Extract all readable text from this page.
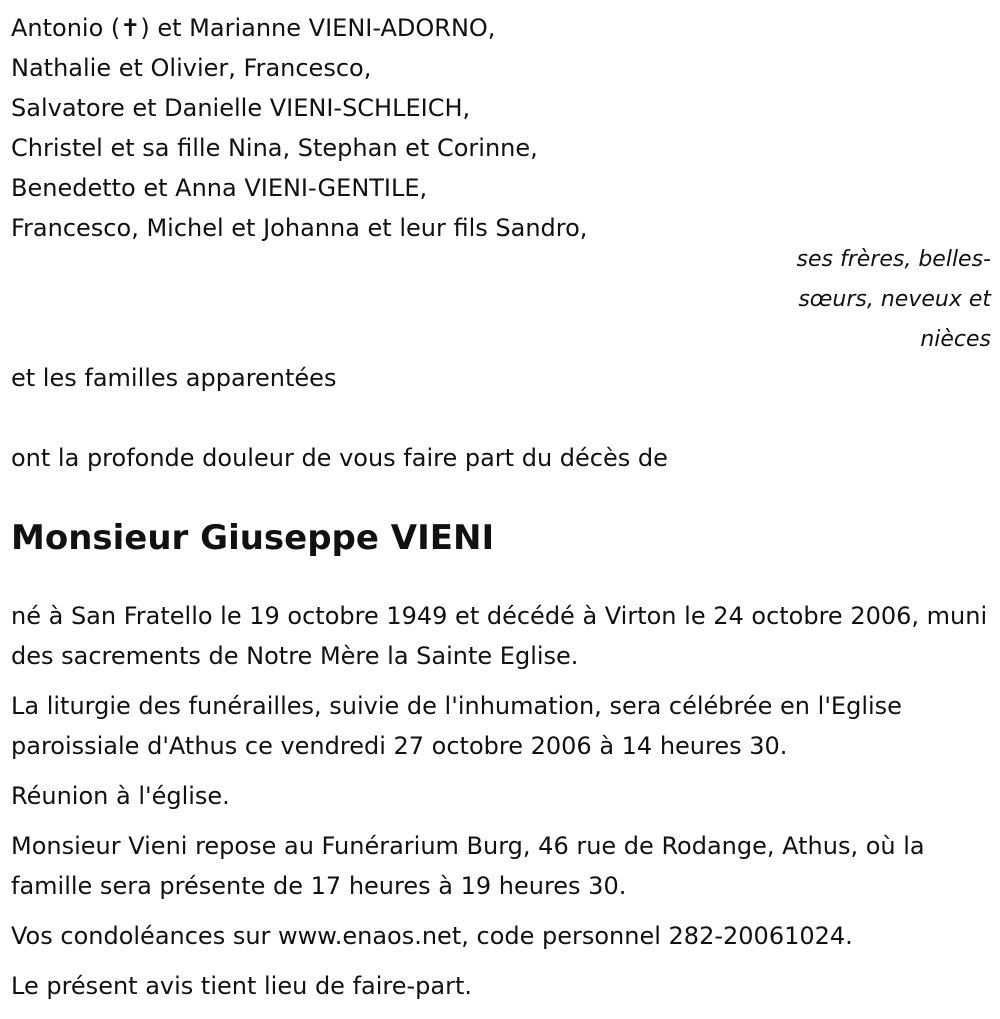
Antonio (✝) et Marianne VIENI-ADORNO,
Nathalie et Olivier, Francesco,
Salvatore et Danielle VIENI-SCHLEICH,
Christel et sa fille Nina, Stephan et Corinne,
Benedetto et Anna VIENI-GENTILE,
Francesco, Michel et Johanna et leur fils Sandro,
ses frères, belles-sœurs, neveux et nièces
et les familles apparentées
ont la profonde douleur de vous faire part du décès de
Monsieur Giuseppe VIENI

né à San Fratello le 19 octobre 1949 et décédé à Virton le 24 octobre 2006, muni des sacrements de Notre Mère la Sainte Eglise.

La liturgie des funérailles, suivie de l'inhumation, sera célébrée en l'Eglise paroissiale d'Athus ce vendredi 27 octobre 2006 à 14 heures 30.

Réunion à l'église.

Monsieur Vieni repose au Funérarium Burg, 46 rue de Rodange, Athus, où la famille sera présente de 17 heures à 19 heures 30.

Vos condoléances sur www.enaos.net, code personnel 282-20061024.

Le présent avis tient lieu de faire-part.
